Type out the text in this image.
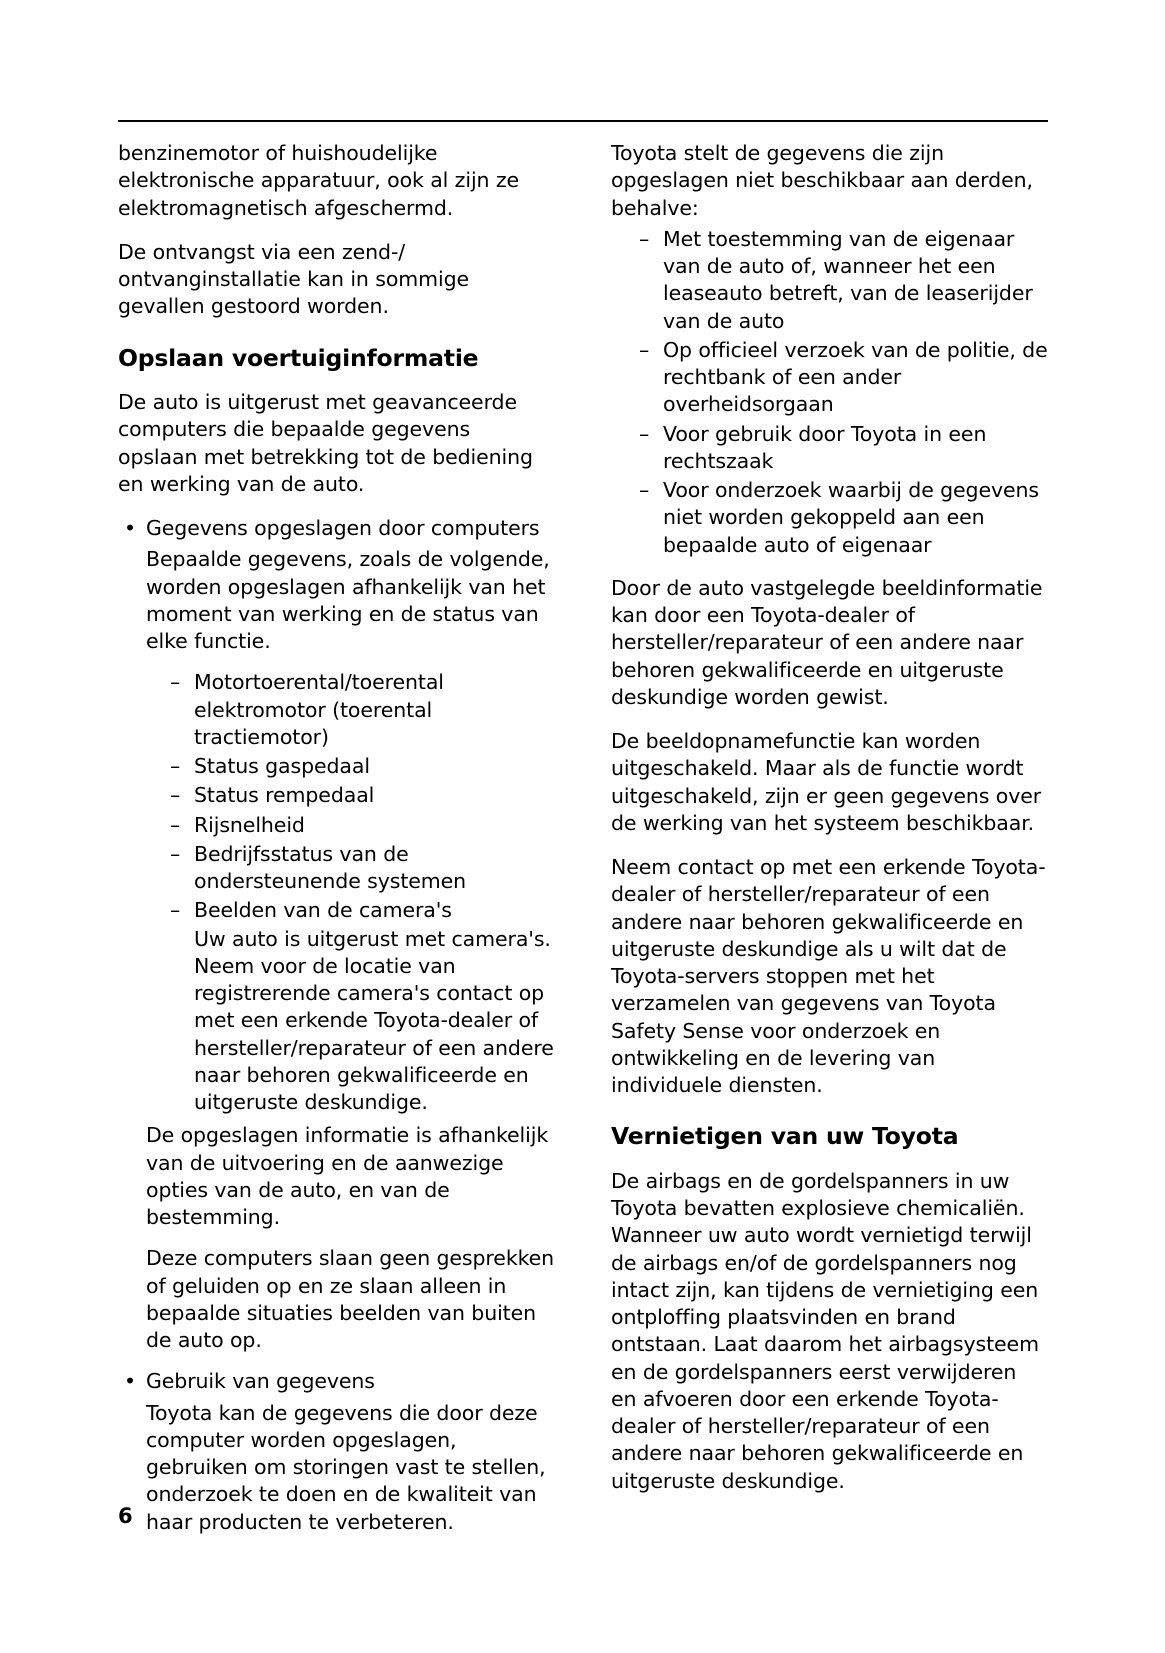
benzinemotor of huishoudelijke elektronische apparatuur, ook al zijn ze elektromagnetisch afgeschermd.

De ontvangst via een zend-/ ontvanginstallatie kan in sommige gevallen gestoord worden.

Opslaan voertuiginformatie

De auto is uitgerust met geavanceerde computers die bepaalde gegevens opslaan met betrekking tot de bediening en werking van de auto.

• Gegevens opgeslagen door computers

Bepaalde gegevens, zoals de volgende, worden opgeslagen afhankelijk van het moment van werking en de status van elke functie.

– Motortoerental/toerental elektromotor (toerental tractiemotor)
– Status gaspedaal
– Status rempedaal
– Rijsnelheid
– Bedrijfsstatus van de ondersteunende systemen
– Beelden van de camera's
Uw auto is uitgerust met camera's. Neem voor de locatie van registrerende camera's contact op met een erkende Toyota-dealer of hersteller/reparateur of een andere naar behoren gekwalificeerde en uitgeruste deskundige.

De opgeslagen informatie is afhankelijk van de uitvoering en de aanwezige opties van de auto, en van de bestemming.

Deze computers slaan geen gesprekken of geluiden op en ze slaan alleen in bepaalde situaties beelden van buiten de auto op.

• Gebruik van gegevens

Toyota kan de gegevens die door deze computer worden opgeslagen, gebruiken om storingen vast te stellen, onderzoek te doen en de kwaliteit van haar producten te verbeteren.

Toyota stelt de gegevens die zijn opgeslagen niet beschikbaar aan derden, behalve:

– Met toestemming van de eigenaar van de auto of, wanneer het een leaseauto betreft, van de leaserijder van de auto
– Op officieel verzoek van de politie, de rechtbank of een ander overheidsorgaan
– Voor gebruik door Toyota in een rechtszaak
– Voor onderzoek waarbij de gegevens niet worden gekoppeld aan een bepaalde auto of eigenaar

Door de auto vastgelegde beeldinformatie kan door een Toyota-dealer of hersteller/reparateur of een andere naar behoren gekwalificeerde en uitgeruste deskundige worden gewist.

De beeldopnamefunctie kan worden uitgeschakeld. Maar als de functie wordt uitgeschakeld, zijn er geen gegevens over de werking van het systeem beschikbaar.

Neem contact op met een erkende Toyota-dealer of hersteller/reparateur of een andere naar behoren gekwalificeerde en uitgeruste deskundige als u wilt dat de Toyota-servers stoppen met het verzamelen van gegevens van Toyota Safety Sense voor onderzoek en ontwikkeling en de levering van individuele diensten.

Vernietigen van uw Toyota

De airbags en de gordelspanners in uw Toyota bevatten explosieve chemicaliën. Wanneer uw auto wordt vernietigd terwijl de airbags en/of de gordelspanners nog intact zijn, kan tijdens de vernietiging een ontploffing plaatsvinden en brand ontstaan. Laat daarom het airbagsysteem en de gordelspanners eerst verwijderen en afvoeren door een erkende Toyota-dealer of hersteller/reparateur of een andere naar behoren gekwalificeerde en uitgeruste deskundige.

6
